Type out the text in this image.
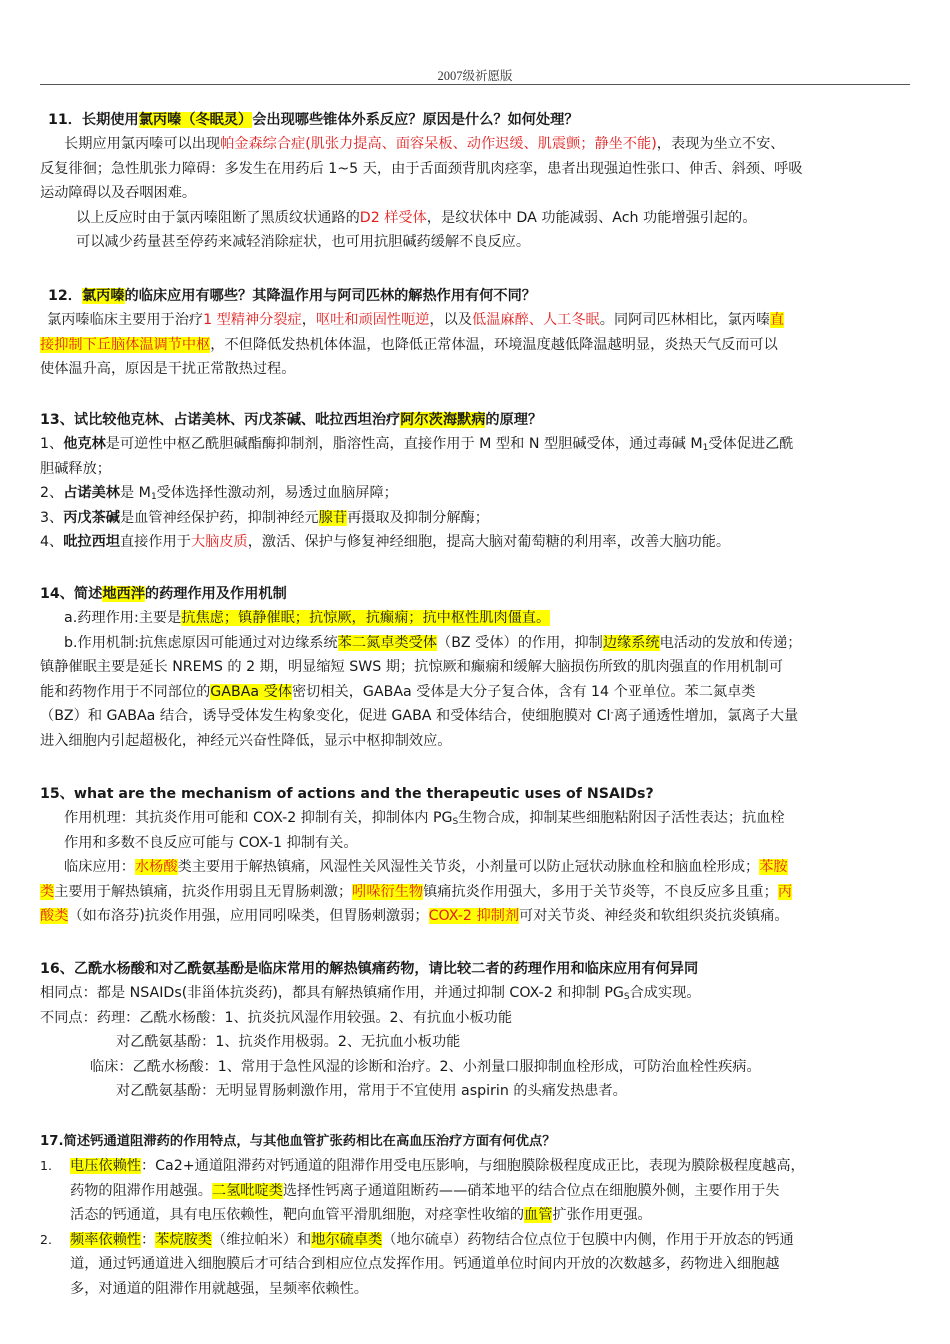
2007级祈愿版
11．长期使用氯丙嗪（冬眠灵）会出现哪些锥体外系反应？原因是什么？如何处理？
长期应用氯丙嗪可以出现帕金森综合症(肌张力提高、面容呆板、动作迟缓、肌震颤；静坐不能)，表现为坐立不安、
反复徘徊；急性肌张力障碍：多发生在用药后 1~5 天，由于舌面颈背肌肉痉挛，患者出现强迫性张口、伸舌、斜颈、呼吸
运动障碍以及吞咽困难。
以上反应时由于氯丙嗪阻断了黑质纹状通路的D2 样受体，是纹状体中 DA 功能减弱、Ach 功能增强引起的。
可以减少药量甚至停药来减轻消除症状，也可用抗胆碱药缓解不良反应。
12．氯丙嗪的临床应用有哪些？其降温作用与阿司匹林的解热作用有何不同？
氯丙嗪临床主要用于治疗1 型精神分裂症，呕吐和顽固性呃逆，以及低温麻醉、人工冬眠。同阿司匹林相比，氯丙嗪直
接抑制下丘脑体温调节中枢，不但降低发热机体体温，也降低正常体温，环境温度越低降温越明显，炎热天气反而可以
使体温升高，原因是干扰正常散热过程。
13、试比较他克林、占诺美林、丙戊茶碱、吡拉西坦治疗阿尔茨海默病的原理？
1、他克林是可逆性中枢乙酰胆碱酯酶抑制剂，脂溶性高，直接作用于 M 型和 N 型胆碱受体，通过毒碱 $M_1$受体促进乙酰
胆碱释放；
2、占诺美林是 $M_1$受体选择性激动剂，易透过血脑屏障；
3、丙戊茶碱是血管神经保护药，抑制神经元腺苷再摄取及抑制分解酶；
4、吡拉西坦直接作用于大脑皮质，激活、保护与修复神经细胞，提高大脑对葡萄糖的利用率，改善大脑功能。
14、简述地西泮的药理作用及作用机制
a.药理作用:主要是抗焦虑；镇静催眠；抗惊厥，抗癫痫；抗中枢性肌肉僵直。
b.作用机制:抗焦虑原因可能通过对边缘系统苯二氮卓类受体（BZ 受体）的作用，抑制边缘系统电活动的发放和传递；
镇静催眠主要是延长 NREMS 的 2 期，明显缩短 SWS 期；抗惊厥和癫痫和缓解大脑损伤所致的肌肉强直的作用机制可
能和药物作用于不同部位的GABAa 受体密切相关，GABAa 受体是大分子复合体，含有 14 个亚单位。苯二氮卓类
（BZ）和 GABAa 结合，诱导受体发生构象变化，促进 GABA 和受体结合，使细胞膜对 Cl-离子通透性增加，氯离子大量
进入细胞内引起超极化，神经元兴奋性降低，显示中枢抑制效应。
15、what are the mechanism of actions and the therapeutic uses of NSAIDs?
作用机理：其抗炎作用可能和 COX-2 抑制有关，抑制体内 $PG_S$生物合成，抑制某些细胞粘附因子活性表达；抗血栓
作用和多数不良反应可能与 COX-1 抑制有关。
临床应用：水杨酸类主要用于解热镇痛，风湿性关风湿性关节炎，小剂量可以防止冠状动脉血栓和脑血栓形成；苯胺
类主要用于解热镇痛，抗炎作用弱且无胃肠刺激；吲哚衍生物镇痛抗炎作用强大，多用于关节炎等，不良反应多且重；丙
酸类（如布洛芬)抗炎作用强，应用同吲哚类，但胃肠刺激弱；COX-2 抑制剂可对关节炎、神经炎和软组织炎抗炎镇痛。
16、乙酰水杨酸和对乙酰氨基酚是临床常用的解热镇痛药物，请比较二者的药理作用和临床应用有何异同
相同点：都是 NSAIDs(非甾体抗炎药)，都具有解热镇痛作用，并通过抑制 COX-2 和抑制 $PG_S$合成实现。
不同点：药理：乙酰水杨酸：1、抗炎抗风湿作用较强。2、有抗血小板功能
对乙酰氨基酚：1、抗炎作用极弱。2、无抗血小板功能
临床：乙酰水杨酸：1、常用于急性风湿的诊断和治疗。2、小剂量口服抑制血栓形成，可防治血栓性疾病。
对乙酰氨基酚：无明显胃肠刺激作用，常用于不宜使用 aspirin 的头痛发热患者。
17.简述钙通道阻滞药的作用特点，与其他血管扩张药相比在高血压治疗方面有何优点？
1. 电压依赖性：Ca2+通道阻滞药对钙通道的阻滞作用受电压影响，与细胞膜除极程度成正比，表现为膜除极程度越高，
药物的阻滞作用越强。二氢吡啶类选择性钙离子通道阻断药——硝苯地平的结合位点在细胞膜外侧，主要作用于失
活态的钙通道，具有电压依赖性，靶向血管平滑肌细胞，对痉挛性收缩的血管扩张作用更强。
2. 频率依赖性：苯烷胺类（维拉帕米）和地尔硫卓类（地尔硫卓）药物结合位点位于包膜中内侧，作用于开放态的钙通
道，通过钙通道进入细胞膜后才可结合到相应位点发挥作用。钙通道单位时间内开放的次数越多，药物进入细胞越
多，对通道的阻滞作用就越强，呈频率依赖性。
